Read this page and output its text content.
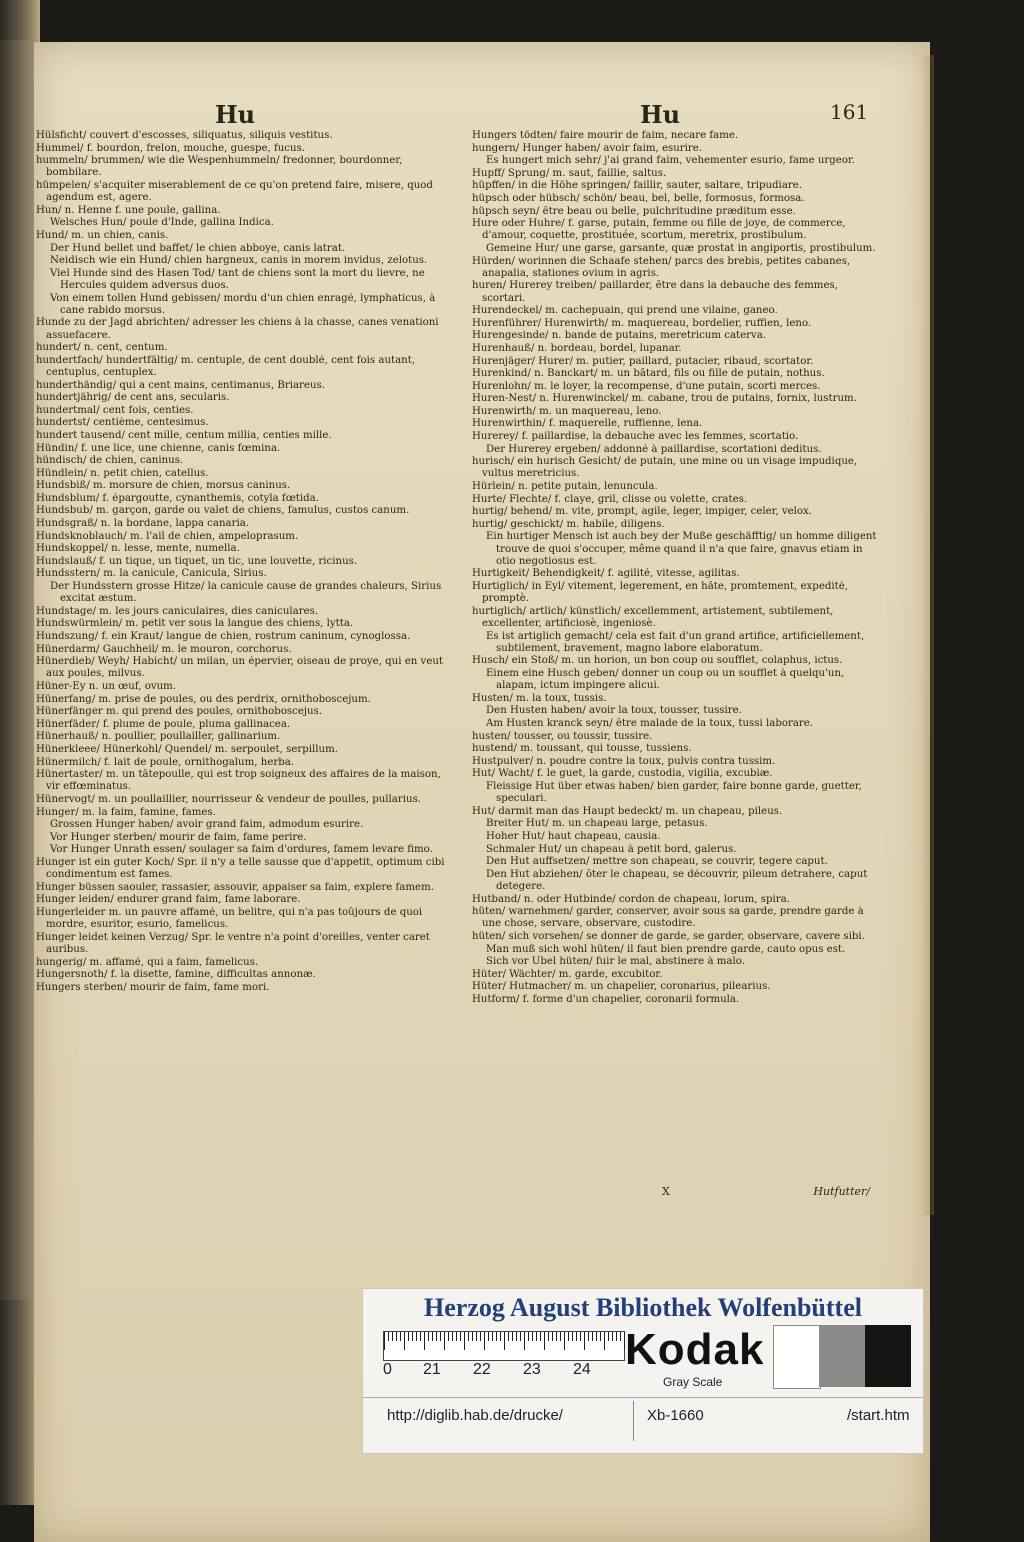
Hu	Hu	161
Hülsficht/ couvert d'escosses, siliquatus, siliquis vestitus.
Hummel/ f. bourdon, frelon, mouche, guespe, fucus.
hummeln/ brummen/ wie die Wespenhummeln/ fredonner, bourdonner, bombilare.
hümpelen/ s'acquiter miserablement de ce qu'on pretend faire, misere, quod agendum est, agere.
Hun/ n. Henne f. une poule, gallina.
Welsches Hun/ poule d'Inde, gallina Indica.
Hund/ m. un chien, canis.
Der Hund bellet und baffet/ le chien abboye, canis latrat.
Neidisch wie ein Hund/ chien hargneux, canis in morem invidus, zelotus.
Viel Hunde sind des Hasen Tod/ tant de chiens sont la mort du lievre, ne Hercules quidem adversus duos.
Von einem tollen Hund gebissen/ mordu d'un chien enragé, lymphaticus, à cane rabido morsus.
Hunde zu der Jagd abrichten/ adresser les chiens à la chasse, canes venationi assuefacere.
hundert/ n. cent, centum.
hundertfach/ hundertfältig/ m. centuple, de cent doublé, cent fois autant, centuplus, centuplex.
hunderthändig/ qui a cent mains, centimanus, Briareus.
hundertjährig/ de cent ans, secularis.
hundertmal/ cent fois, centies.
hundertst/ centième, centesimus.
hundert tausend/ cent mille, centum millia, centies mille.
Hündin/ f. une lice, une chienne, canis fœmina.
hündisch/ de chien, caninus.
Hündlein/ n. petit chien, catellus.
Hundsbiß/ m. morsure de chien, morsus caninus.
Hundsblum/ f. épargoutte, cynanthemis, cotyla fœtida.
Hundsbub/ m. garçon, garde ou valet de chiens, famulus, custos canum.
Hundsgraß/ n. la bordane, lappa canaria.
Hundsknoblauch/ m. l'ail de chien, ampeloprasum.
Hundskoppel/ n. lesse, mente, numella.
Hundslauß/ f. un tique, un tiquet, un tic, une louvette, ricinus.
Hundsstern/ m. la canicule, Canicula, Sirius.
Der Hundsstern grosse Hitze/ la canicule cause de grandes chaleurs, Sirius excitat æstum.
Hundstage/ m. les jours caniculaires, dies caniculares.
Hundswürmlein/ m. petit ver sous la langue des chiens, lytta.
Hundszung/ f. ein Kraut/ langue de chien, rostrum caninum, cynoglossa.
Hünerdarm/ Gauchheil/ m. le mouron, corchorus.
Hünerdieb/ Weyh/ Habicht/ un milan, un épervier, oiseau de proye, qui en veut aux poules, milvus.
Hüner-Ey n. un œuf, ovum.
Hünerfang/ m. prise de poules, ou des perdrix, ornithoboscejum.
Hünerfänger m. qui prend des poules, ornithoboscejus.
Hünerfäder/ f. plume de poule, pluma gallinacea.
Hünerhauß/ n. poullier, poullailler, gallinarium.
Hünerkleee/ Hünerkohl/ Quendel/ m. serpoulet, serpillum.
Hünermilch/ f. lait de poule, ornithogalum, herba.
Hünertaster/ m. un tâtepoulle, qui est trop soigneux des affaires de la maison, vir effœminatus.
Hünervogt/ m. un poullaillier, nourrisseur & vendeur de poulles, pullarius.
Hunger/ m. la faim, famine, fames.
Grossen Hunger haben/ avoir grand faim, admodum esurire.
Vor Hunger sterben/ mourir de faim, fame perire.
Vor Hunger Unrath essen/ soulager sa faim d'ordures, famem levare fimo.
Hunger ist ein guter Koch/ Spr. il n'y a telle sausse que d'appetit, optimum cibi condimentum est fames.
Hunger büssen saouler, rassasier, assouvir, appaiser sa faim, explere famem.
Hunger leiden/ endurer grand faim, fame laborare.
Hungerleider m. un pauvre affamé, un belitre, qui n'a pas toûjours de quoi mordre, esuritor, esurio, famelicus.
Hunger leidet keinen Verzug/ Spr. le ventre n'a point d'oreilles, venter caret auribus.
hungerig/ m. affamé, qui a faim, famelicus.
Hungersnoth/ f. la disette, famine, difficultas annonæ.
Hungers sterben/ mourir de faim, fame mori.
Hungers tödten/ faire mourir de faim, necare fame.
hungern/ Hunger haben/ avoir faim, esurire.
Es hungert mich sehr/ j'ai grand faim, vehementer esurio, fame urgeor.
Hupff/ Sprung/ m. saut, faillie, saltus.
hüpffen/ in die Höhe springen/ faillir, sauter, saltare, tripudiare.
hüpsch oder hübsch/ schön/ beau, bel, belle, formosus, formosa.
hüpsch seyn/ être beau ou belle, pulchritudine præditum esse.
Hure oder Huhre/ f. garse, putain, femme ou fille de joye, de commerce, d'amour, coquette, prostituée, scortum, meretrix, prostibulum.
Gemeine Hur/ une garse, garsante, quæ prostat in angiportis, prostibulum.
Hürden/ worinnen die Schaafe stehen/ parcs des brebis, petites cabanes, anapalia, stationes ovium in agris.
huren/ Hurerey treiben/ paillarder, être dans la debauche des femmes, scortari.
Hurendeckel/ m. cachepuain, qui prend une vilaine, ganeo.
Hurenführer/ Hurenwirth/ m. maquereau, bordelier, ruffien, leno.
Hurengesinde/ n. bande de putains, meretricum caterva.
Hurenhauß/ n. bordeau, bordel, lupanar.
Hurenjäger/ Hurer/ m. putier, paillard, putacier, ribaud, scortator.
Hurenkind/ n. Banckart/ m. un bâtard, fils ou fille de putain, nothus.
Hurenlohn/ m. le loyer, la recompense, d'une putain, scorti merces.
Huren-Nest/ n. Hurenwinckel/ m. cabane, trou de putains, fornix, lustrum.
Hurenwirth/ m. un maquereau, leno.
Hurenwirthin/ f. maquerelle, ruffienne, lena.
Hurerey/ f. paillardise, la debauche avec les femmes, scortatio.
Der Hurerey ergeben/ addonné à paillardise, scortationi deditus.
hurisch/ ein hurisch Gesicht/ de putain, une mine ou un visage impudique, vultus meretricius.
Hürlein/ n. petite putain, lenuncula.
Hurte/ Flechte/ f. claye, gril, clisse ou volette, crates.
hurtig/ behend/ m. vite, prompt, agile, leger, impiger, celer, velox.
hurtig/ geschickt/ m. habile, diligens.
Ein hurtiger Mensch ist auch bey der Muße geschäfftig/ un homme diligent trouve de quoi s'occuper, même quand il n'a que faire, gnavus etiam in otio negotiosus est.
Hurtigkeit/ Behendigkeit/ f. agilité, vitesse, agilitas.
Hurtiglich/ in Eyl/ vitement, legerement, en hâte, promtement, expeditè, promptè.
hurtiglich/ artlich/ künstlich/ excellemment, artistement, subtilement, excellenter, artificiosè, ingeniosè.
Es ist artiglich gemacht/ cela est fait d'un grand artifice, artificiellement, subtilement, bravement, magno labore elaboratum.
Husch/ ein Stoß/ m. un horion, un bon coup ou soufflet, colaphus, ictus.
Einem eine Husch geben/ donner un coup ou un soufflet à quelqu'un, alapam, ictum impingere alicui.
Husten/ m. la toux, tussis.
Den Husten haben/ avoir la toux, tousser, tussire.
Am Husten kranck seyn/ être malade de la toux, tussi laborare.
husten/ tousser, ou toussir, tussire.
hustend/ m. toussant, qui tousse, tussiens.
Hustpulver/ n. poudre contre la toux, pulvis contra tussim.
Hut/ Wacht/ f. le guet, la garde, custodia, vigilia, excubiæ.
Fleissige Hut über etwas haben/ bien garder, faire bonne garde, guetter, speculari.
Hut/ darmit man das Haupt bedeckt/ m. un chapeau, pileus.
Breiter Hut/ m. un chapeau large, petasus.
Hoher Hut/ haut chapeau, causia.
Schmaler Hut/ un chapeau à petit bord, galerus.
Den Hut auffsetzen/ mettre son chapeau, se couvrir, tegere caput.
Den Hut abziehen/ ôter le chapeau, se découvrir, pileum detrahere, caput detegere.
Hutband/ n. oder Hutbinde/ cordon de chapeau, lorum, spira.
hüten/ warnehmen/ garder, conserver, avoir sous sa garde, prendre garde à une chose, servare, observare, custodire.
hüten/ sich vorsehen/ se donner de garde, se garder, observare, cavere sibi.
Man muß sich wohl hüten/ il faut bien prendre garde, cauto opus est.
Sich vor Ubel hüten/ fuir le mal, abstinere à malo.
Hüter/ Wächter/ m. garde, excubitor.
Hüter/ Hutmacher/ m. un chapelier, coronarius, pilearius.
Hutform/ f. forme d'un chapelier, coronarii formula.
X	Hutfutter/
Herzog August Bibliothek Wolfenbüttel
0 21 22 23 24 Kodak
Gray Scale
http://diglib.hab.de/drucke/	Xb-1660	/start.htm
